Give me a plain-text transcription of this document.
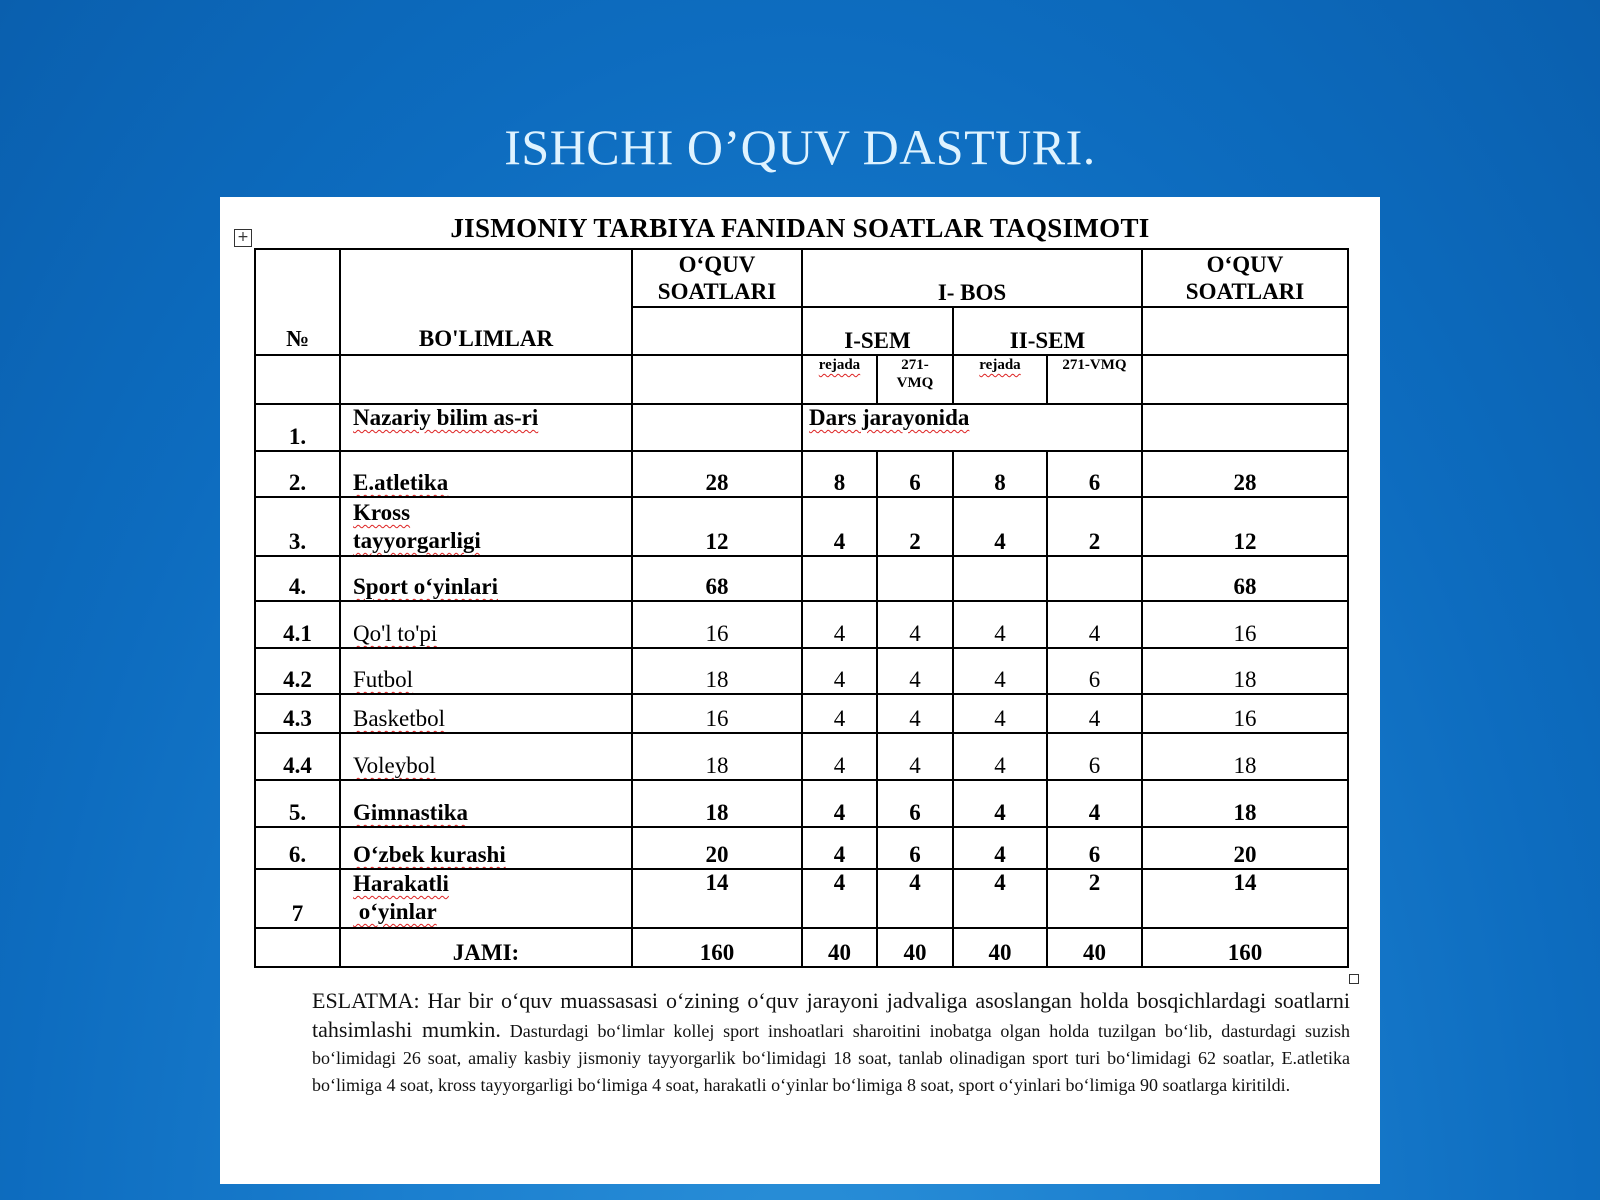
ISHCHI O’QUV DASTURI.
+	JISMONIY TARBIYA FANIDAN SOATLAR TAQSIMOTI
№	BO'LIMLAR	O‘QUV SOATLARI	I- BOS				O‘QUV SOATLARI
			I-SEM		II-SEM		
			rejada	271-VMQ	rejada	271-VMQ	
1.	Nazariy bilim as-ri		Dars jarayonida				
2.	E.atletika	28	8	6	8	6	28
3.	Kross
tayyorgarligi	12	4	2	4	2	12
4.	Sport o‘yinlari	68					68
4.1	Qo'l to'pi	16	4	4	4	4	16
4.2	Futbol	18	4	4	4	6	18
4.3	Basketbol	16	4	4	4	4	16
4.4	Voleybol	18	4	4	4	6	18
5.	Gimnastika	18	4	6	4	4	18
6.	O‘zbek kurashi	20	4	6	4	6	20
7	Harakatli
o‘yinlar	14	4	4	4	2	14
	JAMI:	160	40	40	40	40	160
ESLATMA: Har bir o‘quv muassasasi o‘zining o‘quv jarayoni jadvaliga asoslangan holda bosqichlardagi soatlarni tahsimlashi mumkin. Dasturdagi bo‘limlar kollej sport inshoatlari sharoitini inobatga olgan holda tuzilgan bo‘lib, dasturdagi suzish bo‘limidagi 26 soat, amaliy kasbiy jismoniy tayyorgarlik bo‘limidagi 18 soat, tanlab olinadigan sport turi bo‘limidagi 62 soatlar, E.atletika bo‘limiga 4 soat, kross tayyorgarligi bo‘limiga 4 soat, harakatli o‘yinlar bo‘limiga 8 soat, sport o‘yinlari bo‘limiga 90 soatlarga kiritildi.
